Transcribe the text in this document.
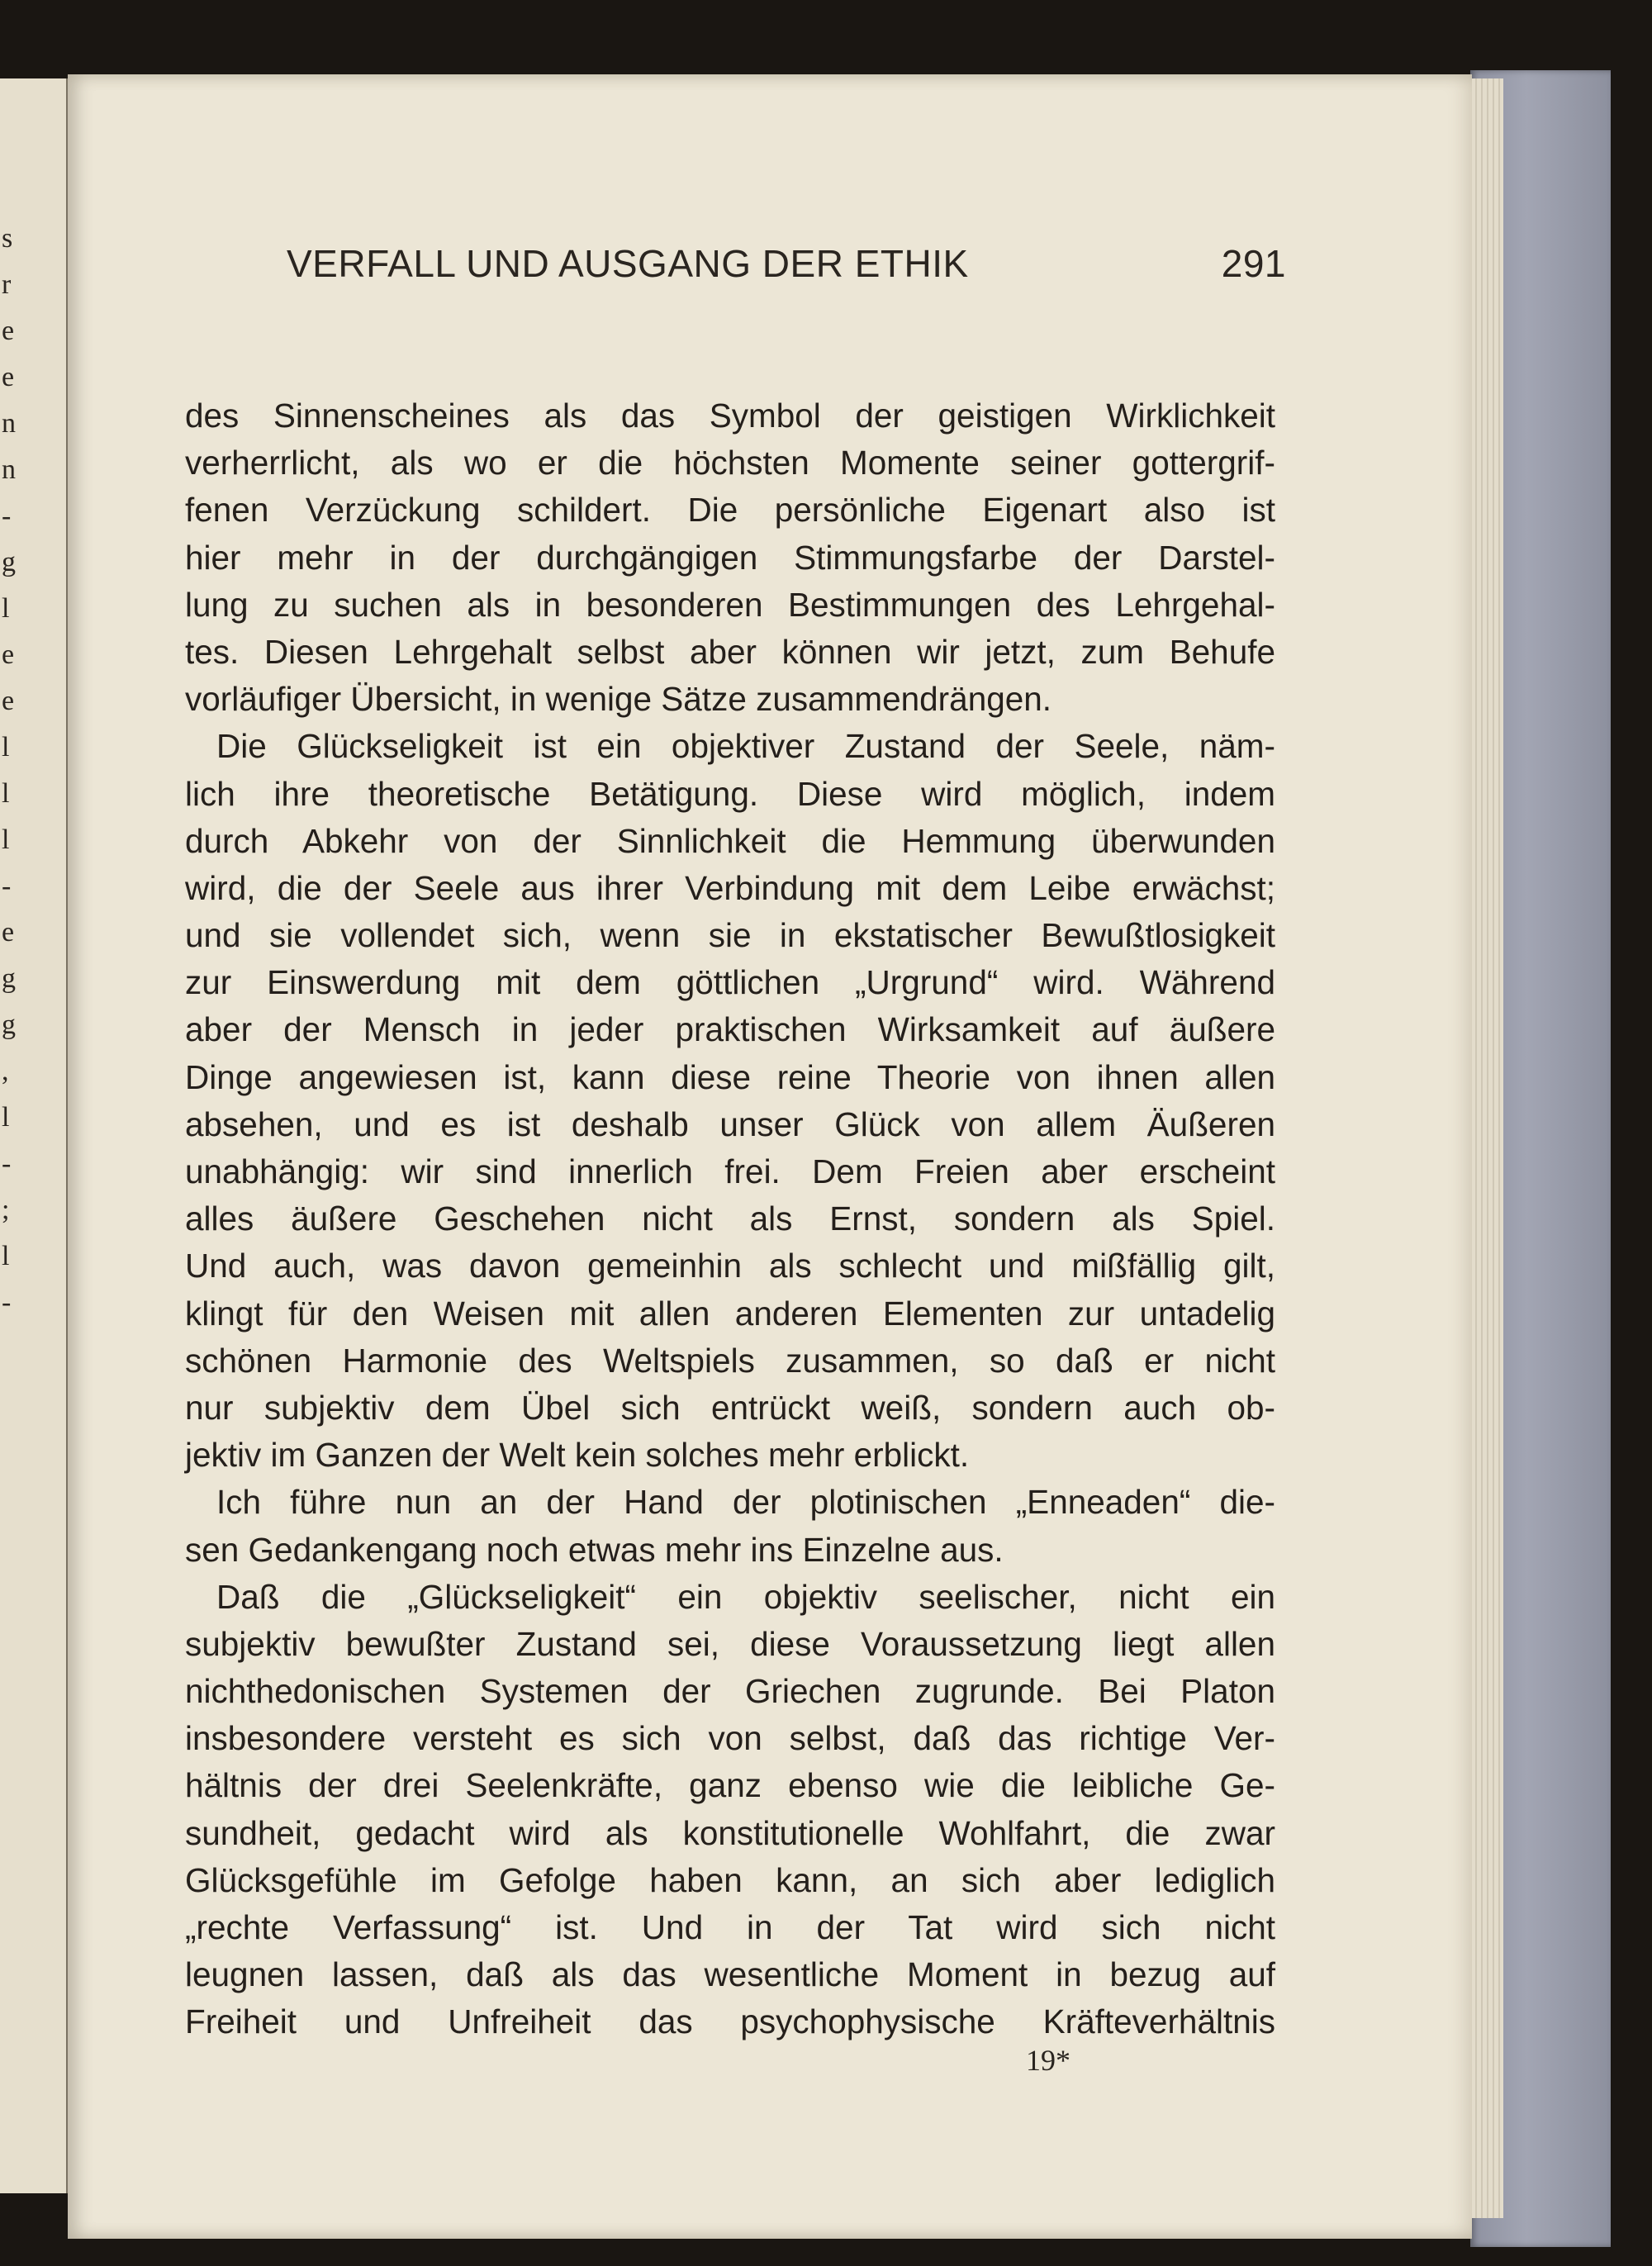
s
r
e
e
n
n
-
g
l
e
e
l
l
l
-
e
g
g
,
l
-
;
l
-
VERFALL UND AUSGANG DER ETHIK	291
des Sinnenscheines als das Symbol der geistigen Wirklichkeit
verherrlicht, als wo er die höchsten Momente seiner gottergrif-
fenen Verzückung schildert. Die persönliche Eigenart also ist
hier mehr in der durchgängigen Stimmungsfarbe der Darstel-
lung zu suchen als in besonderen Bestimmungen des Lehrgehal-
tes. Diesen Lehrgehalt selbst aber können wir jetzt, zum Behufe
vorläufiger Übersicht, in wenige Sätze zusammendrängen.
Die Glückseligkeit ist ein objektiver Zustand der Seele, näm-
lich ihre theoretische Betätigung. Diese wird möglich, indem
durch Abkehr von der Sinnlichkeit die Hemmung überwunden
wird, die der Seele aus ihrer Verbindung mit dem Leibe erwächst;
und sie vollendet sich, wenn sie in ekstatischer Bewußtlosigkeit
zur Einswerdung mit dem göttlichen „Urgrund“ wird. Während
aber der Mensch in jeder praktischen Wirksamkeit auf äußere
Dinge angewiesen ist, kann diese reine Theorie von ihnen allen
absehen, und es ist deshalb unser Glück von allem Äußeren
unabhängig: wir sind innerlich frei. Dem Freien aber erscheint
alles äußere Geschehen nicht als Ernst, sondern als Spiel.
Und auch, was davon gemeinhin als schlecht und mißfällig gilt,
klingt für den Weisen mit allen anderen Elementen zur untadelig
schönen Harmonie des Weltspiels zusammen, so daß er nicht
nur subjektiv dem Übel sich entrückt weiß, sondern auch ob-
jektiv im Ganzen der Welt kein solches mehr erblickt.
Ich führe nun an der Hand der plotinischen „Enneaden“ die-
sen Gedankengang noch etwas mehr ins Einzelne aus.
Daß die „Glückseligkeit“ ein objektiv seelischer, nicht ein
subjektiv bewußter Zustand sei, diese Voraussetzung liegt allen
nichthedonischen Systemen der Griechen zugrunde. Bei Platon
insbesondere versteht es sich von selbst, daß das richtige Ver-
hältnis der drei Seelenkräfte, ganz ebenso wie die leibliche Ge-
sundheit, gedacht wird als konstitutionelle Wohlfahrt, die zwar
Glücksgefühle im Gefolge haben kann, an sich aber lediglich
„rechte Verfassung“ ist. Und in der Tat wird sich nicht
leugnen lassen, daß als das wesentliche Moment in bezug auf
Freiheit und Unfreiheit das psychophysische Kräfteverhältnis
19*
